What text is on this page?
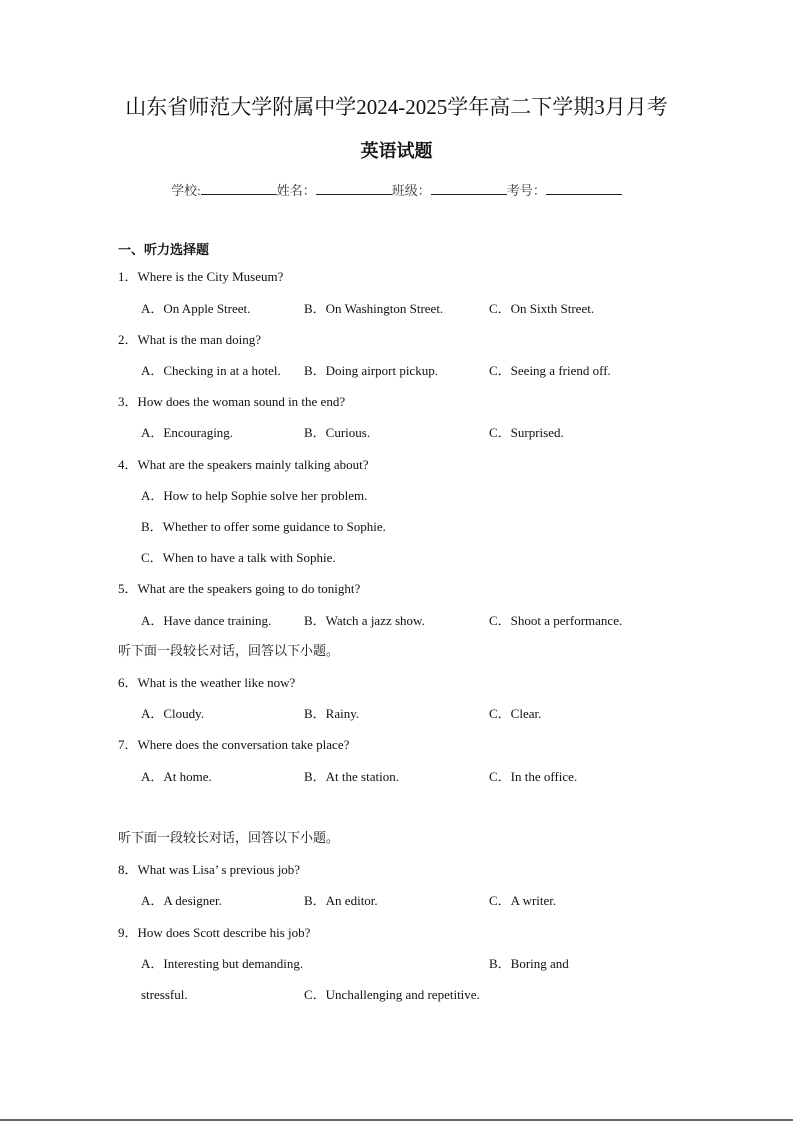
山东省师范大学附属中学2024-2025学年高二下学期3月月考
英语试题
学校:	姓名：	班级：	考号：
一、听力选择题
1．Where is the City Museum?
A．On Apple Street.	B．On Washington Street.	C．On Sixth Street.
2．What is the man doing?
A．Checking in at a hotel. B．Doing airport pickup.	C．Seeing a friend off.
3．How does the woman sound in the end?
A．Encouraging.	B．Curious.	C．Surprised.
4．What are the speakers mainly talking about?
A．How to help Sophie solve her problem.
B．Whether to offer some guidance to Sophie.
C．When to have a talk with Sophie.
5．What are the speakers going to do tonight?
A．Have dance training.	B．Watch a jazz show.	C．Shoot a performance.
6．What is the weather like now?
A．Cloudy.	B．Rainy.	C．Clear.
7．Where does the conversation take place?
A．At home.	B．At the station.	C．In the office.
8．What was Lisa’ s previous job?
A．A designer.	B．An editor.	C．A writer.
9．How does Scott describe his job?
A．Interesting but demanding.	B．Boring and
stressful.	C．Unchallenging and repetitive.
听下面一段较长对话，回答以下小题。
听下面一段较长对话，回答以下小题。
